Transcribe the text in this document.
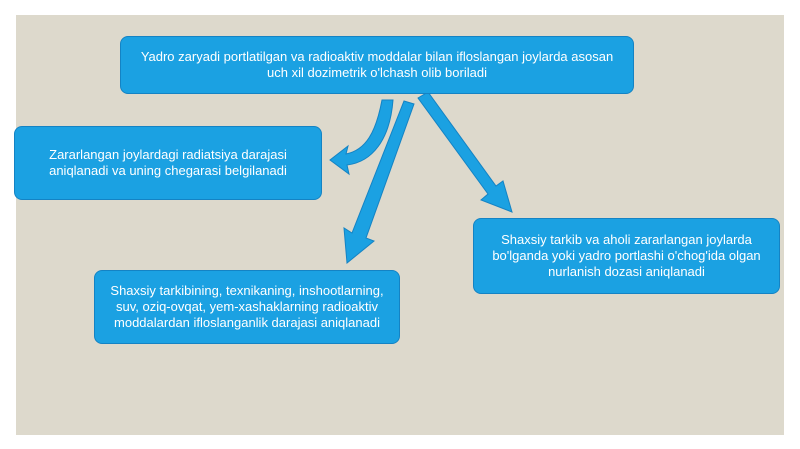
Yadro zaryadi portlatilgan va radioaktiv moddalar bilan ifloslangan joylarda asosan uch xil dozimetrik o'lchash olib boriladi
Zararlangan joylardagi radiatsiya darajasi aniqlanadi va uning chegarasi belgilanadi
Shaxsiy tarkib va aholi zararlangan joylarda bo'lganda yoki yadro portlashi o'chog'ida olgan nurlanish dozasi aniqlanadi
Shaxsiy tarkibining, texnikaning, inshootlarning, suv, oziq-ovqat, yem-xashaklarning radioaktiv moddalardan ifloslanganlik darajasi aniqlanadi
